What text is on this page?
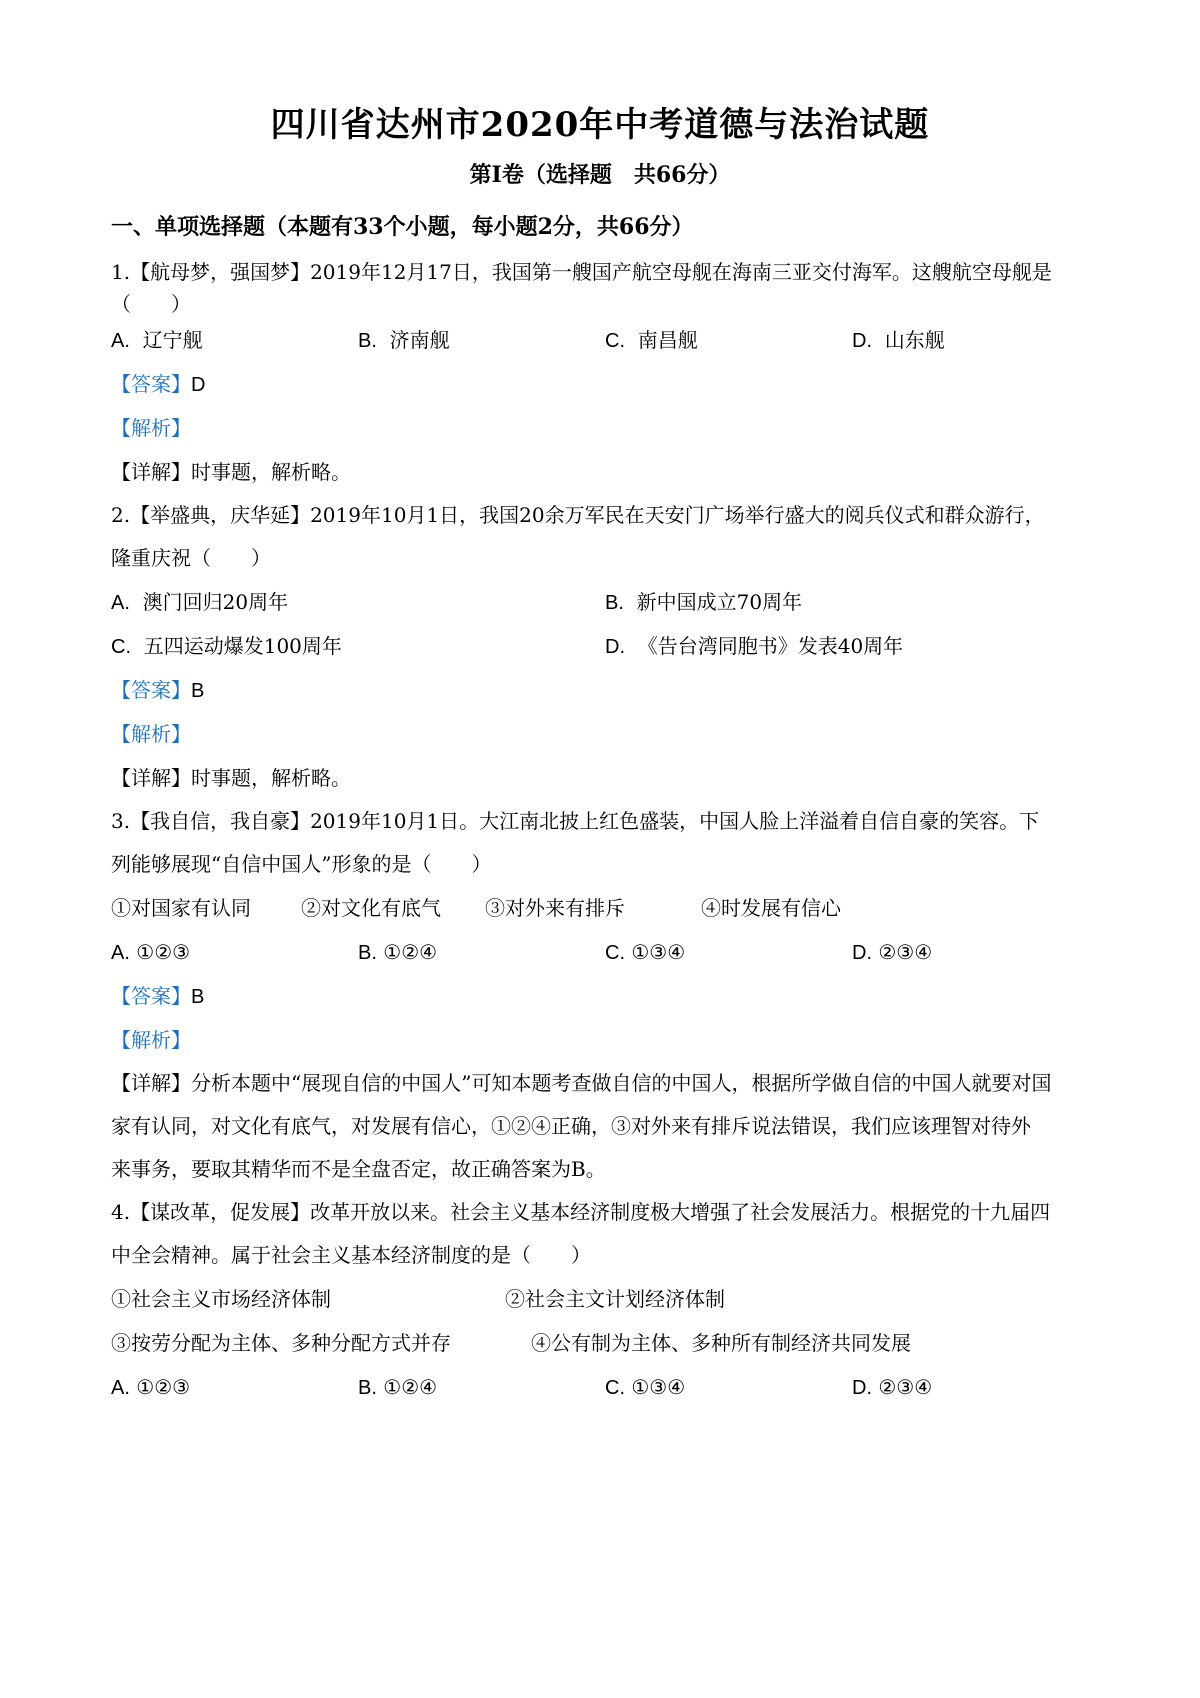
四川省达州市2020年中考道德与法治试题
第I卷（选择题　共66分）
一、单项选择题（本题有33个小题，每小题2分，共66分）
1.【航母梦，强国梦】2019年12月17日，我国第一艘国产航空母舰在海南三亚交付海军。这艘航空母舰是
（　　）
A. 辽宁舰	B. 济南舰	C. 南昌舰	D. 山东舰
【答案】D
【解析】
【详解】时事题，解析略。
2.【举盛典，庆华延】2019年10月1日，我国20余万军民在天安门广场举行盛大的阅兵仪式和群众游行，
隆重庆祝（　　）
A. 澳门回归20周年	B. 新中国成立70周年
C. 五四运动爆发100周年	D. 《告台湾同胞书》发表40周年
【答案】B
【解析】
【详解】时事题，解析略。
3.【我自信，我自豪】2019年10月1日。大江南北披上红色盛装，中国人脸上洋溢着自信自豪的笑容。下
列能够展现“自信中国人”形象的是（　　）
①对国家有认同	②对文化有底气 ③对外来有排斥	④时发展有信心
A. ①②③	B. ①②④	C. ①③④	D. ②③④
【答案】B
【解析】
【详解】分析本题中“展现自信的中国人”可知本题考查做自信的中国人，根据所学做自信的中国人就要对国
家有认同，对文化有底气，对发展有信心，①②④正确，③对外来有排斥说法错误，我们应该理智对待外
来事务，要取其精华而不是全盘否定，故正确答案为B。
4.【谋改革，促发展】改革开放以来。社会主义基本经济制度极大增强了社会发展活力。根据党的十九届四
中全会精神。属于社会主义基本经济制度的是（　　）
①社会主义市场经济体制	②社会主文计划经济体制
③按劳分配为主体、多种分配方式并存	④公有制为主体、多种所有制经济共同发展
A. ①②③	B. ①②④	C. ①③④	D. ②③④
